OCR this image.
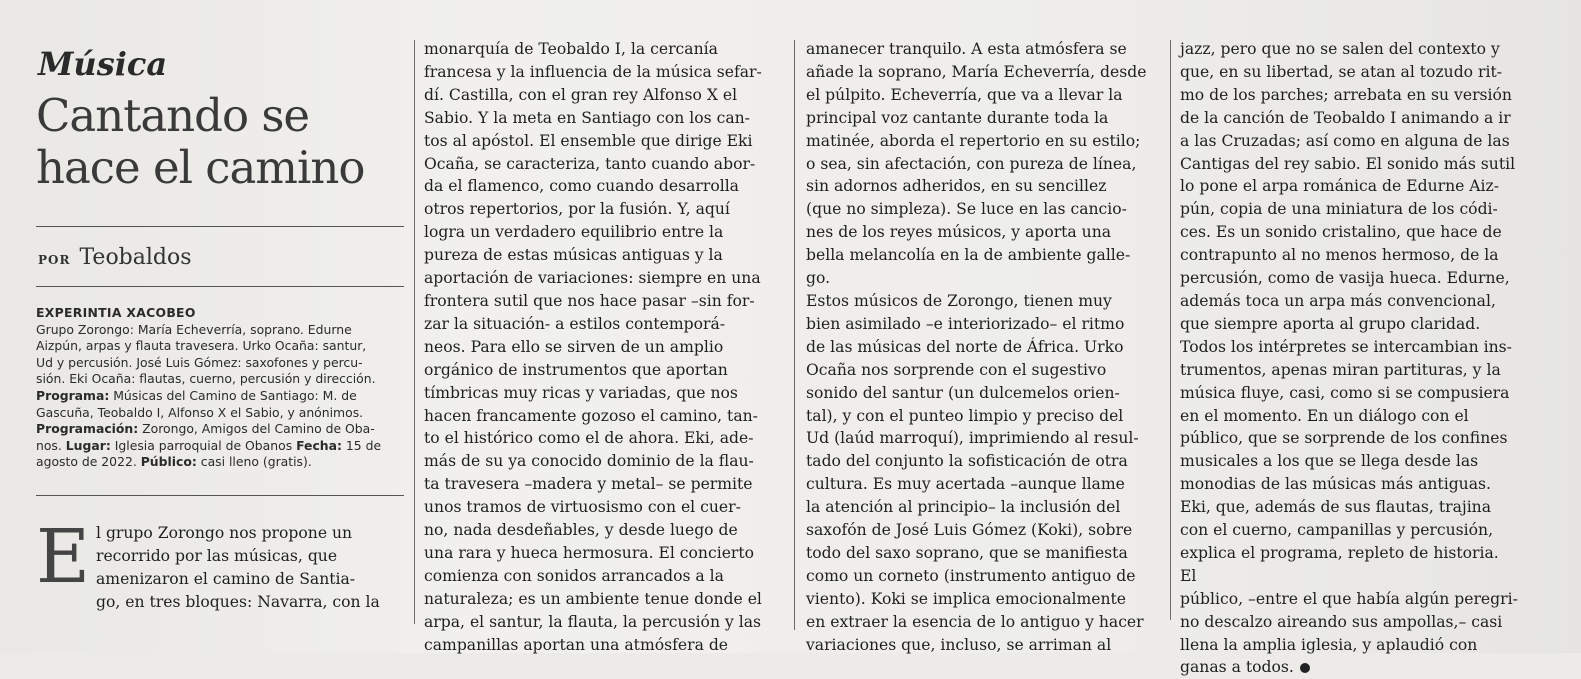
Música
Cantando se
hace el camino
POR Teobaldos
EXPERINTIA XACOBEO
Grupo Zorongo: María Echeverría, soprano. Edurne
Aizpún, arpas y flauta travesera. Urko Ocaña: santur,
Ud y percusión. José Luis Gómez: saxofones y percu-
sión. Eki Ocaña: flautas, cuerno, percusión y dirección.
Programa: Músicas del Camino de Santiago: M. de
Gascuña, Teobaldo I, Alfonso X el Sabio, y anónimos.
Programación: Zorongo, Amigos del Camino de Oba-
nos. Lugar: Iglesia parroquial de Obanos Fecha: 15 de
agosto de 2022. Público: casi lleno (gratis).
E l grupo Zorongo nos propone un
recorrido por las músicas, que
amenizaron el camino de Santia-
go, en tres bloques: Navarra, con la
monarquía de Teobaldo I, la cercanía
francesa y la influencia de la música sefar-
dí. Castilla, con el gran rey Alfonso X el
Sabio. Y la meta en Santiago con los can-
tos al apóstol. El ensemble que dirige Eki
Ocaña, se caracteriza, tanto cuando abor-
da el flamenco, como cuando desarrolla
otros repertorios, por la fusión. Y, aquí
logra un verdadero equilibrio entre la
pureza de estas músicas antiguas y la
aportación de variaciones: siempre en una
frontera sutil que nos hace pasar –sin for-
zar la situación- a estilos contemporá-
neos. Para ello se sirven de un amplio
orgánico de instrumentos que aportan
tímbricas muy ricas y variadas, que nos
hacen francamente gozoso el camino, tan-
to el histórico como el de ahora. Eki, ade-
más de su ya conocido dominio de la flau-
ta travesera –madera y metal– se permite
unos tramos de virtuosismo con el cuer-
no, nada desdeñables, y desde luego de
una rara y hueca hermosura. El concierto
comienza con sonidos arrancados a la
naturaleza; es un ambiente tenue donde el
arpa, el santur, la flauta, la percusión y las
campanillas aportan una atmósfera de
amanecer tranquilo. A esta atmósfera se
añade la soprano, María Echeverría, desde
el púlpito. Echeverría, que va a llevar la
principal voz cantante durante toda la
matinée, aborda el repertorio en su estilo;
o sea, sin afectación, con pureza de línea,
sin adornos adheridos, en su sencillez
(que no simpleza). Se luce en las cancio-
nes de los reyes músicos, y aporta una
bella melancolía en la de ambiente galle-
go.
Estos músicos de Zorongo, tienen muy
bien asimilado –e interiorizado– el ritmo
de las músicas del norte de África. Urko
Ocaña nos sorprende con el sugestivo
sonido del santur (un dulcemelos orien-
tal), y con el punteo limpio y preciso del
Ud (laúd marroquí), imprimiendo al resul-
tado del conjunto la sofisticación de otra
cultura. Es muy acertada –aunque llame
la atención al principio– la inclusión del
saxofón de José Luis Gómez (Koki), sobre
todo del saxo soprano, que se manifiesta
como un corneto (instrumento antiguo de
viento). Koki se implica emocionalmente
en extraer la esencia de lo antiguo y hacer
variaciones que, incluso, se arriman al
jazz, pero que no se salen del contexto y
que, en su libertad, se atan al tozudo rit-
mo de los parches; arrebata en su versión
de la canción de Teobaldo I animando a ir
a las Cruzadas; así como en alguna de las
Cantigas del rey sabio. El sonido más sutil
lo pone el arpa románica de Edurne Aiz-
pún, copia de una miniatura de los códi-
ces. Es un sonido cristalino, que hace de
contrapunto al no menos hermoso, de la
percusión, como de vasija hueca. Edurne,
además toca un arpa más convencional,
que siempre aporta al grupo claridad.
Todos los intérpretes se intercambian ins-
trumentos, apenas miran partituras, y la
música fluye, casi, como si se compusiera
en el momento. En un diálogo con el
público, que se sorprende de los confines
musicales a los que se llega desde las
monodias de las músicas más antiguas.
Eki, que, además de sus flautas, trajina
con el cuerno, campanillas y percusión,
explica el programa, repleto de historia. El
público, –entre el que había algún peregri-
no descalzo aireando sus ampollas,– casi
llena la amplia iglesia, y aplaudió con
ganas a todos.
